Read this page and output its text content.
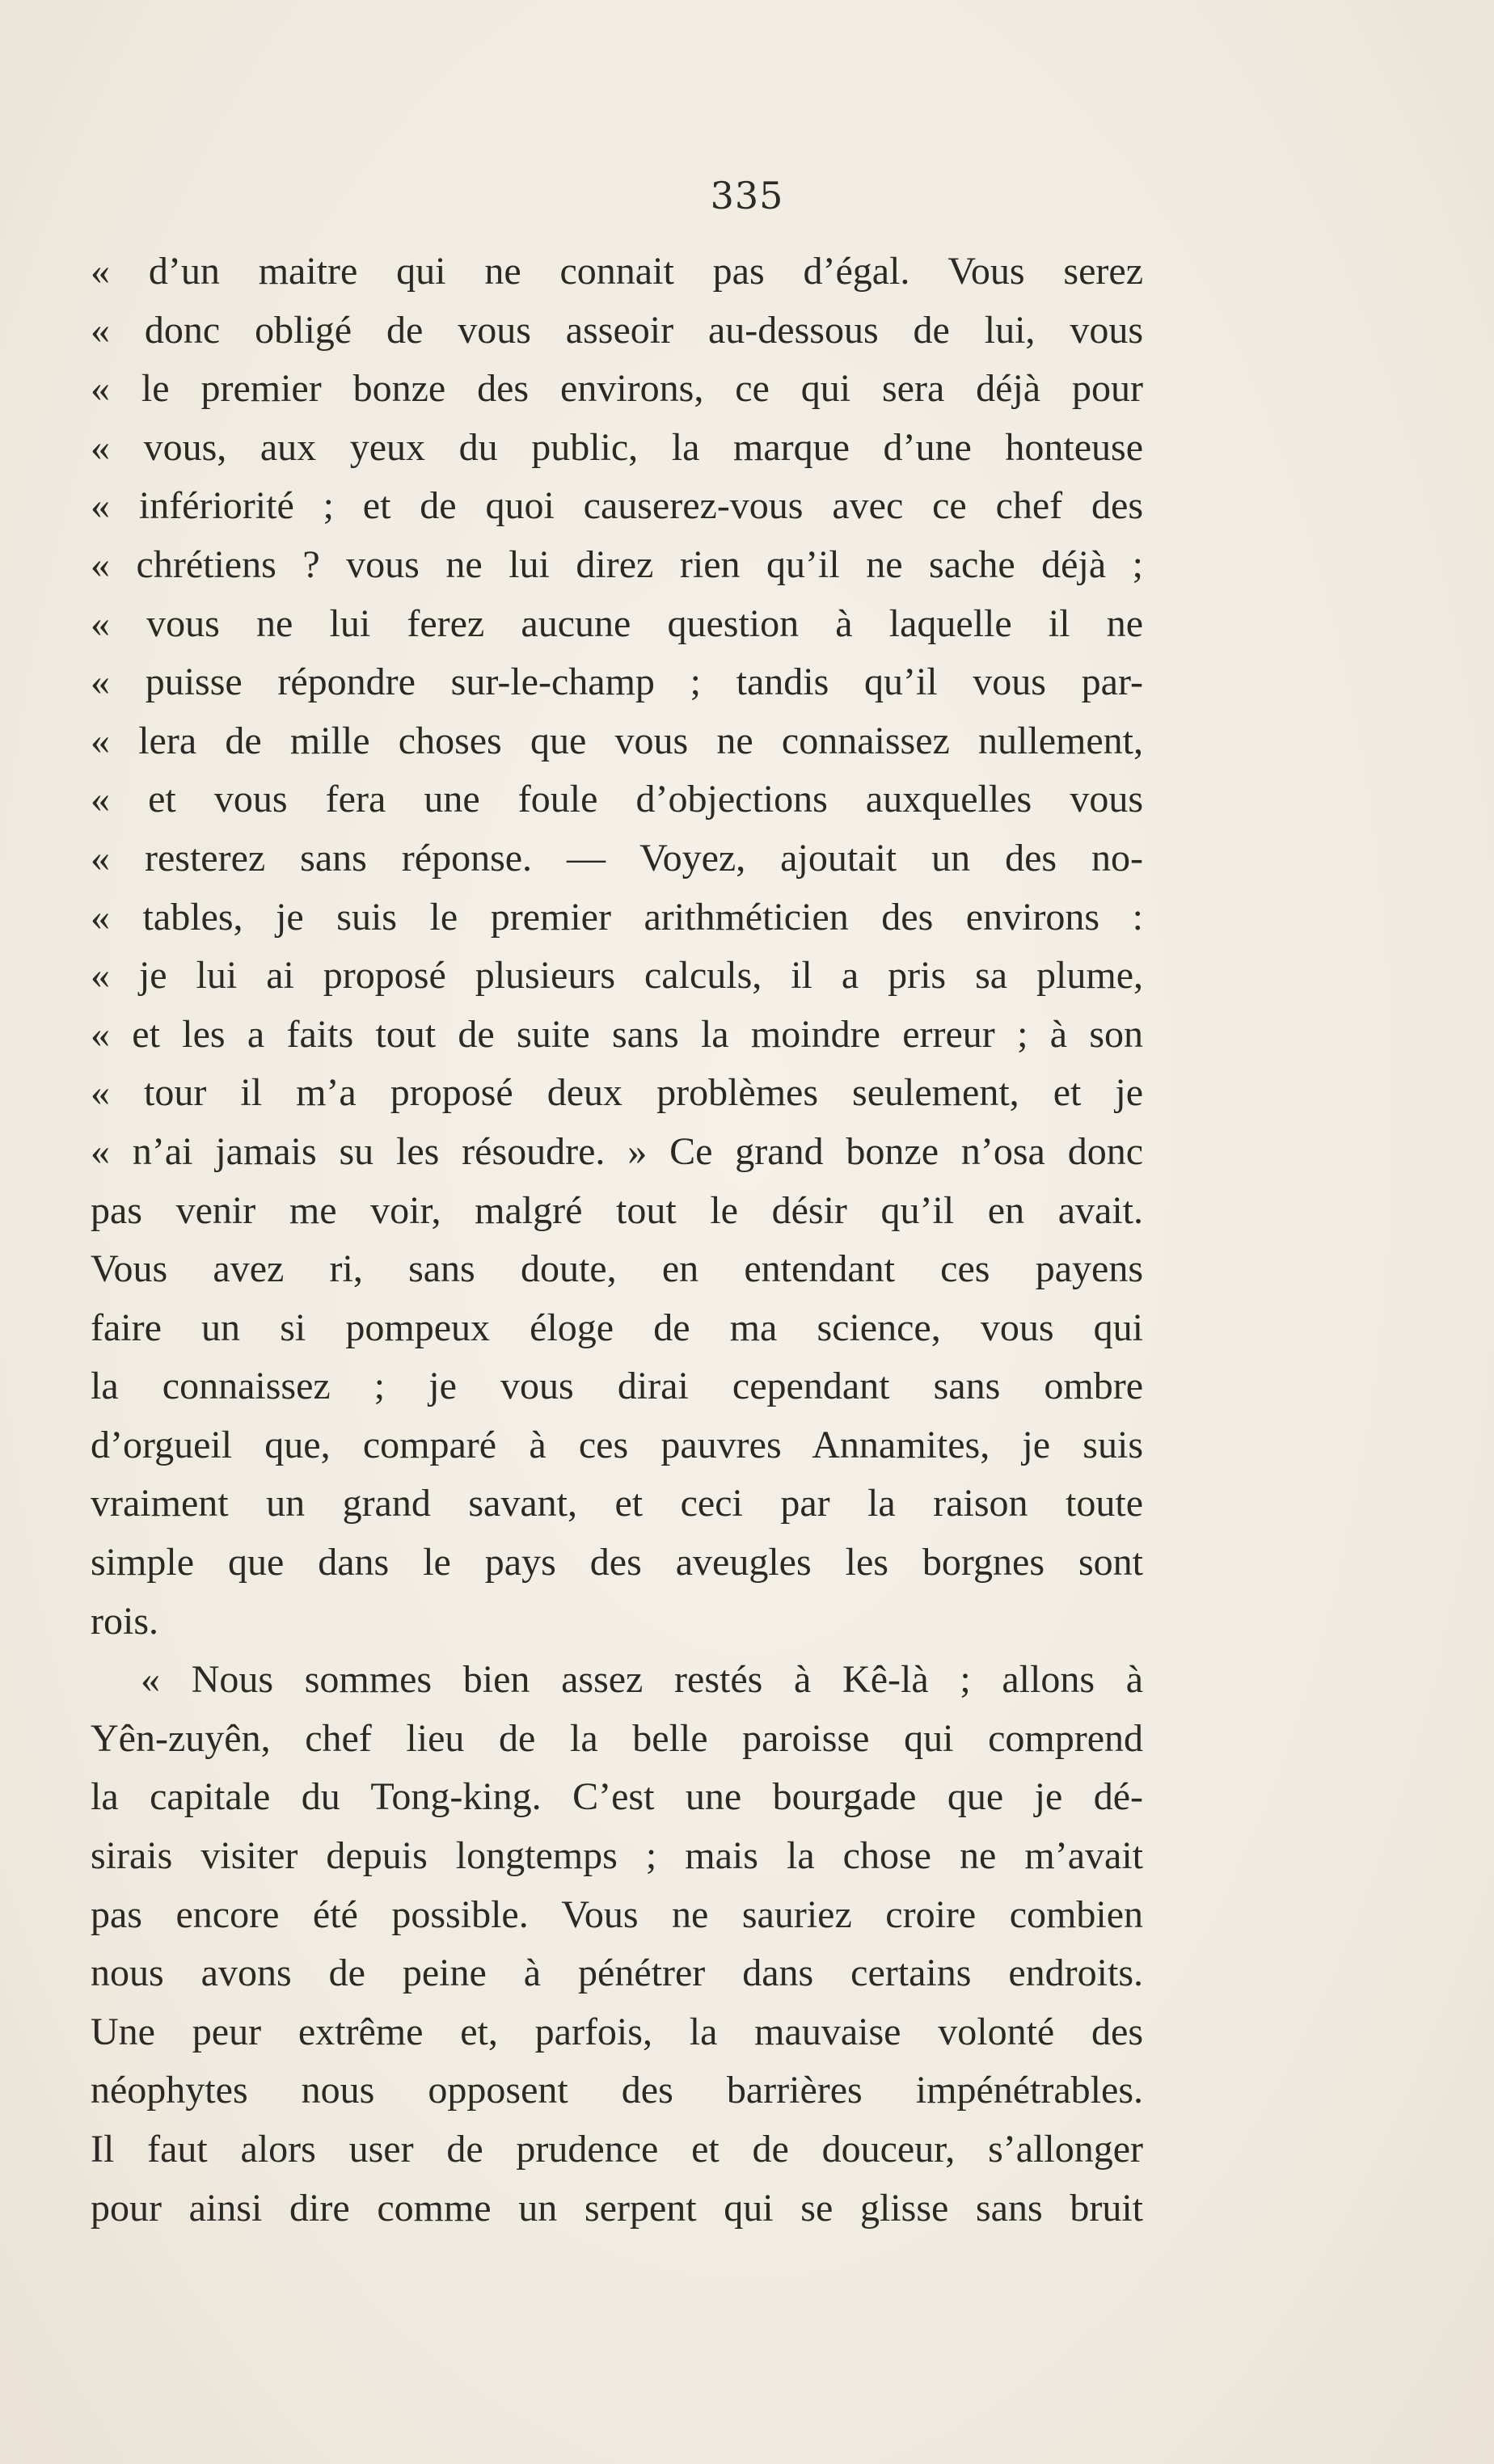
335
« d’un maitre qui ne connait pas d’égal. Vous serez
« donc obligé de vous asseoir au-dessous de lui, vous
« le premier bonze des environs, ce qui sera déjà pour
« vous, aux yeux du public, la marque d’une honteuse
« infériorité ; et de quoi causerez-vous avec ce chef des
« chrétiens ? vous ne lui direz rien qu’il ne sache déjà ;
« vous ne lui ferez aucune question à laquelle il ne
« puisse répondre sur-le-champ ; tandis qu’il vous par-
« lera de mille choses que vous ne connaissez nullement,
« et vous fera une foule d’objections auxquelles vous
« resterez sans réponse. — Voyez, ajoutait un des no-
« tables, je suis le premier arithméticien des environs :
« je lui ai proposé plusieurs calculs, il a pris sa plume,
« et les a faits tout de suite sans la moindre erreur ; à son
« tour il m’a proposé deux problèmes seulement, et je
« n’ai jamais su les résoudre. » Ce grand bonze n’osa donc
pas venir me voir, malgré tout le désir qu’il en avait.
Vous avez ri, sans doute, en entendant ces payens
faire un si pompeux éloge de ma science, vous qui
la connaissez ; je vous dirai cependant sans ombre
d’orgueil que, comparé à ces pauvres Annamites, je suis
vraiment un grand savant, et ceci par la raison toute
simple que dans le pays des aveugles les borgnes sont
rois.
« Nous sommes bien assez restés à Kê-là ; allons à
Yên-zuyên, chef lieu de la belle paroisse qui comprend
la capitale du Tong-king. C’est une bourgade que je dé-
sirais visiter depuis longtemps ; mais la chose ne m’avait
pas encore été possible. Vous ne sauriez croire combien
nous avons de peine à pénétrer dans certains endroits.
Une peur extrême et, parfois, la mauvaise volonté des
néophytes nous opposent des barrières impénétrables.
Il faut alors user de prudence et de douceur, s’allonger
pour ainsi dire comme un serpent qui se glisse sans bruit
